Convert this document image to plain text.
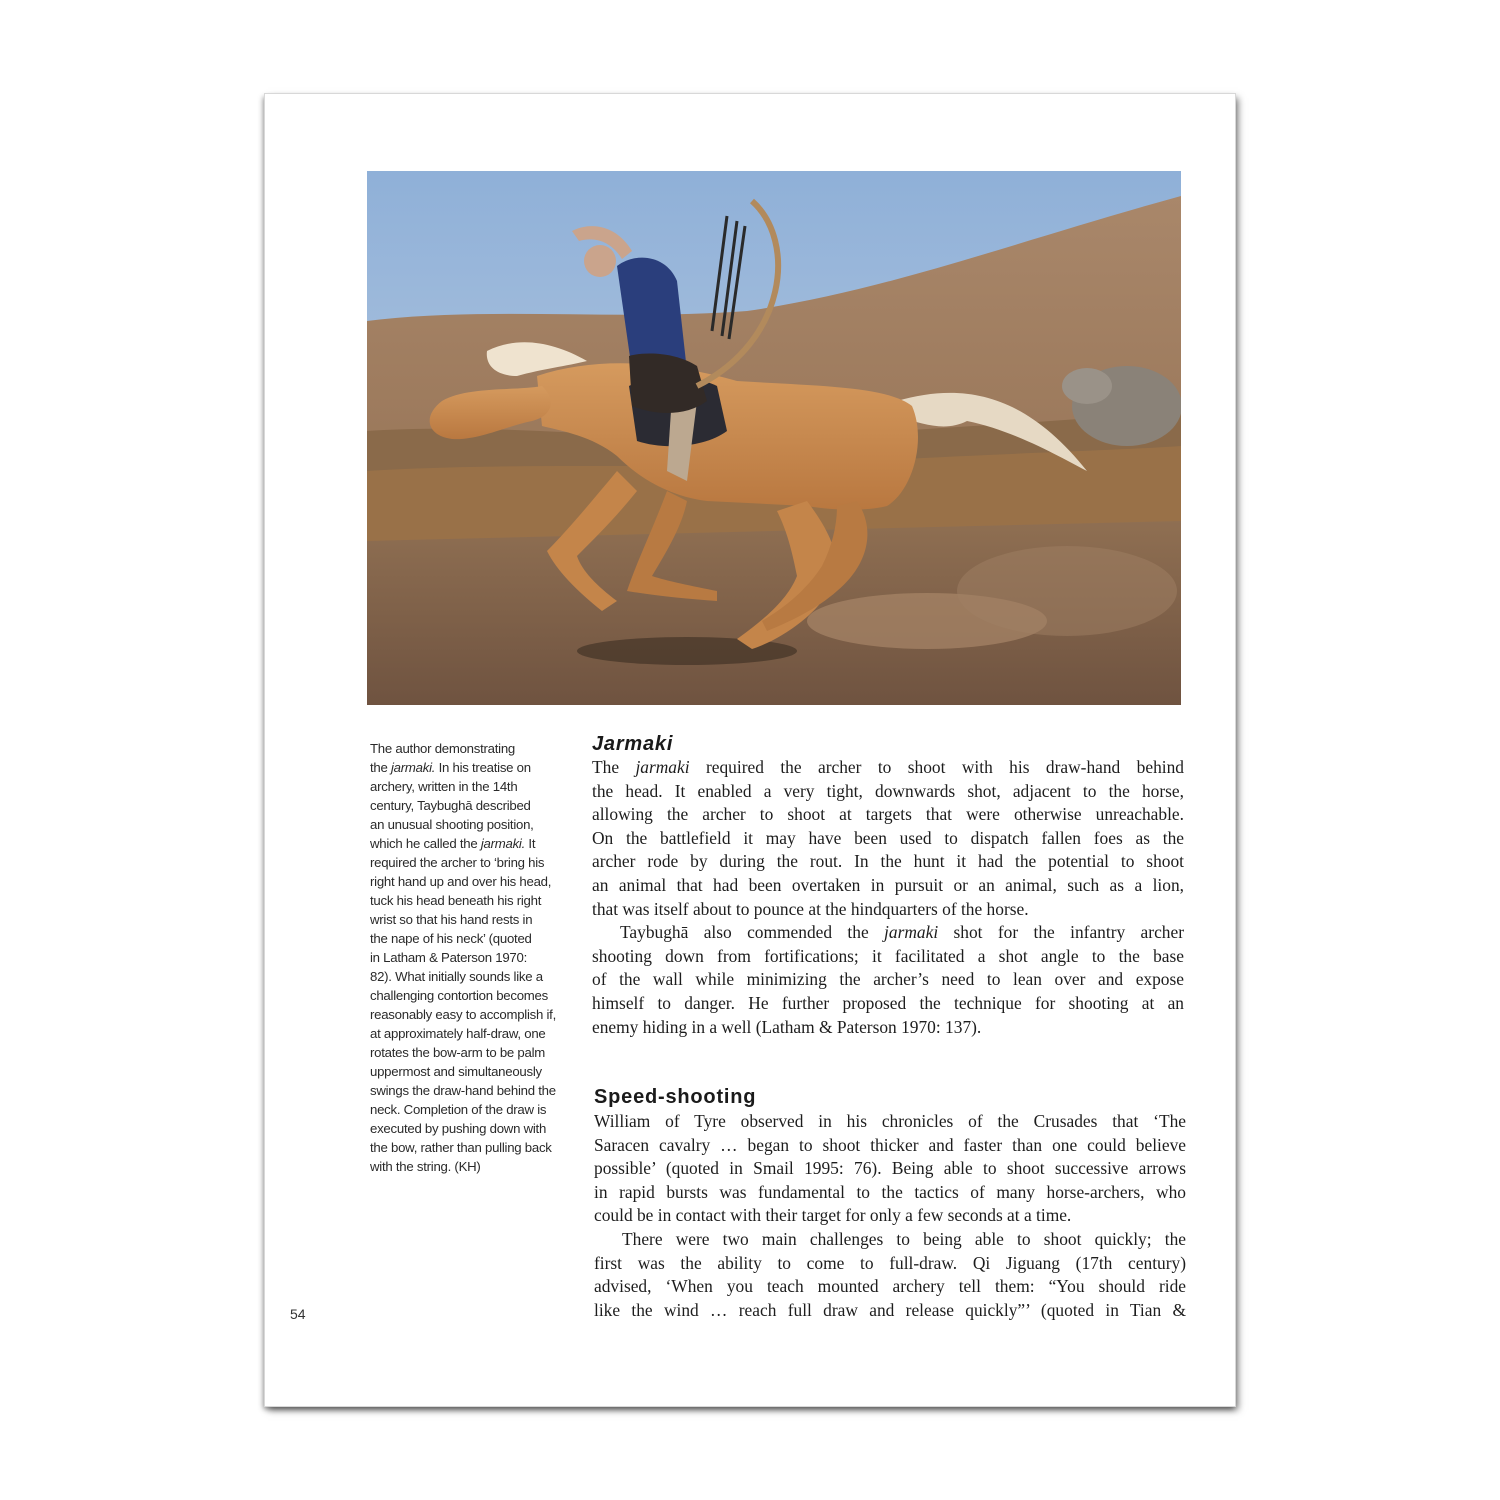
The author demonstrating
the jarmaki. In his treatise on
archery, written in the 14th
century, Taybughā described
an unusual shooting position,
which he called the jarmaki. It
required the archer to ‘bring his
right hand up and over his head,
tuck his head beneath his right
wrist so that his hand rests in
the nape of his neck’ (quoted
in Latham & Paterson 1970:
82). What initially sounds like a
challenging contortion becomes
reasonably easy to accomplish if,
at approximately half-draw, one
rotates the bow-arm to be palm
uppermost and simultaneously
swings the draw-hand behind the
neck. Completion of the draw is
executed by pushing down with
the bow, rather than pulling back
with the string. (KH)
Jarmaki
The jarmaki required the archer to shoot with his draw-hand behind
the head. It enabled a very tight, downwards shot, adjacent to the horse,
allowing the archer to shoot at targets that were otherwise unreachable.
On the battlefield it may have been used to dispatch fallen foes as the
archer rode by during the rout. In the hunt it had the potential to shoot
an animal that had been overtaken in pursuit or an animal, such as a lion,
that was itself about to pounce at the hindquarters of the horse.
Taybughā also commended the jarmaki shot for the infantry archer
shooting down from fortifications; it facilitated a shot angle to the base
of the wall while minimizing the archer’s need to lean over and expose
himself to danger. He further proposed the technique for shooting at an
enemy hiding in a well (Latham & Paterson 1970: 137).
Speed-shooting
William of Tyre observed in his chronicles of the Crusades that ‘The
Saracen cavalry … began to shoot thicker and faster than one could believe
possible’ (quoted in Smail 1995: 76). Being able to shoot successive arrows
in rapid bursts was fundamental to the tactics of many horse-archers, who
could be in contact with their target for only a few seconds at a time.
There were two main challenges to being able to shoot quickly; the
first was the ability to come to full-draw. Qi Jiguang (17th century)
advised, ‘When you teach mounted archery tell them: “You should ride
like the wind … reach full draw and release quickly”’ (quoted in Tian &
54
